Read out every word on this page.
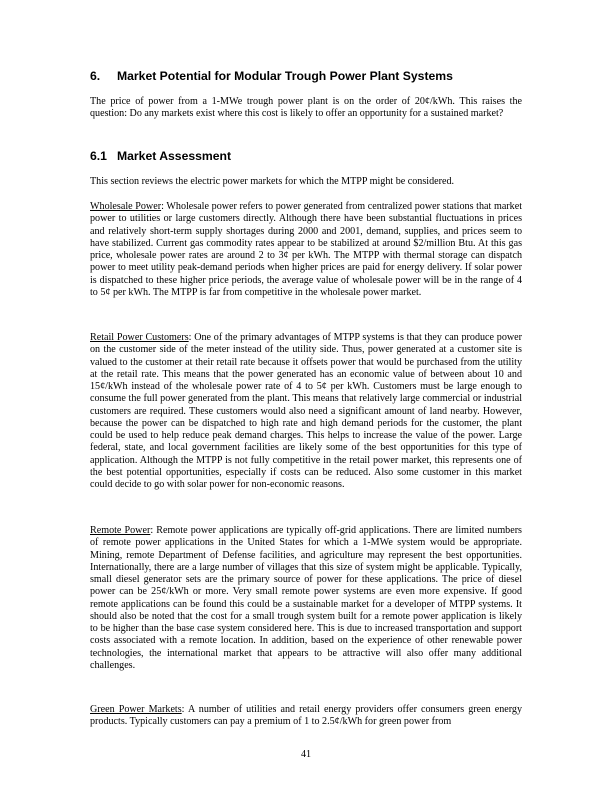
6. Market Potential for Modular Trough Power Plant Systems

The price of power from a 1-MWe trough power plant is on the order of 20¢/kWh. This raises the question: Do any markets exist where this cost is likely to offer an opportunity for a sustained market?

6.1 Market Assessment

This section reviews the electric power markets for which the MTPP might be considered.

Wholesale Power: Wholesale power refers to power generated from centralized power stations that market power to utilities or large customers directly. Although there have been substantial fluctuations in prices and relatively short-term supply shortages during 2000 and 2001, demand, supplies, and prices seem to have stabilized. Current gas commodity rates appear to be stabilized at around $2/million Btu. At this gas price, wholesale power rates are around 2 to 3¢ per kWh. The MTPP with thermal storage can dispatch power to meet utility peak-demand periods when higher prices are paid for energy delivery. If solar power is dispatched to these higher price periods, the average value of wholesale power will be in the range of 4 to 5¢ per kWh. The MTPP is far from competitive in the wholesale power market.

Retail Power Customers: One of the primary advantages of MTPP systems is that they can produce power on the customer side of the meter instead of the utility side. Thus, power generated at a customer site is valued to the customer at their retail rate because it offsets power that would be purchased from the utility at the retail rate. This means that the power generated has an economic value of between about 10 and 15¢/kWh instead of the wholesale power rate of 4 to 5¢ per kWh. Customers must be large enough to consume the full power generated from the plant. This means that relatively large commercial or industrial customers are required. These customers would also need a significant amount of land nearby. However, because the power can be dispatched to high rate and high demand periods for the customer, the plant could be used to help reduce peak demand charges. This helps to increase the value of the power. Large federal, state, and local government facilities are likely some of the best opportunities for this type of application. Although the MTPP is not fully competitive in the retail power market, this represents one of the best potential opportunities, especially if costs can be reduced. Also some customer in this market could decide to go with solar power for non-economic reasons.

Remote Power: Remote power applications are typically off-grid applications. There are limited numbers of remote power applications in the United States for which a 1-MWe system would be appropriate. Mining, remote Department of Defense facilities, and agriculture may represent the best opportunities. Internationally, there are a large number of villages that this size of system might be applicable. Typically, small diesel generator sets are the primary source of power for these applications. The price of diesel power can be 25¢/kWh or more. Very small remote power systems are even more expensive. If good remote applications can be found this could be a sustainable market for a developer of MTPP systems. It should also be noted that the cost for a small trough system built for a remote power application is likely to be higher than the base case system considered here. This is due to increased transportation and support costs associated with a remote location. In addition, based on the experience of other renewable power technologies, the international market that appears to be attractive will also offer many additional challenges.

Green Power Markets: A number of utilities and retail energy providers offer consumers green energy products. Typically customers can pay a premium of 1 to 2.5¢/kWh for green power from

41
